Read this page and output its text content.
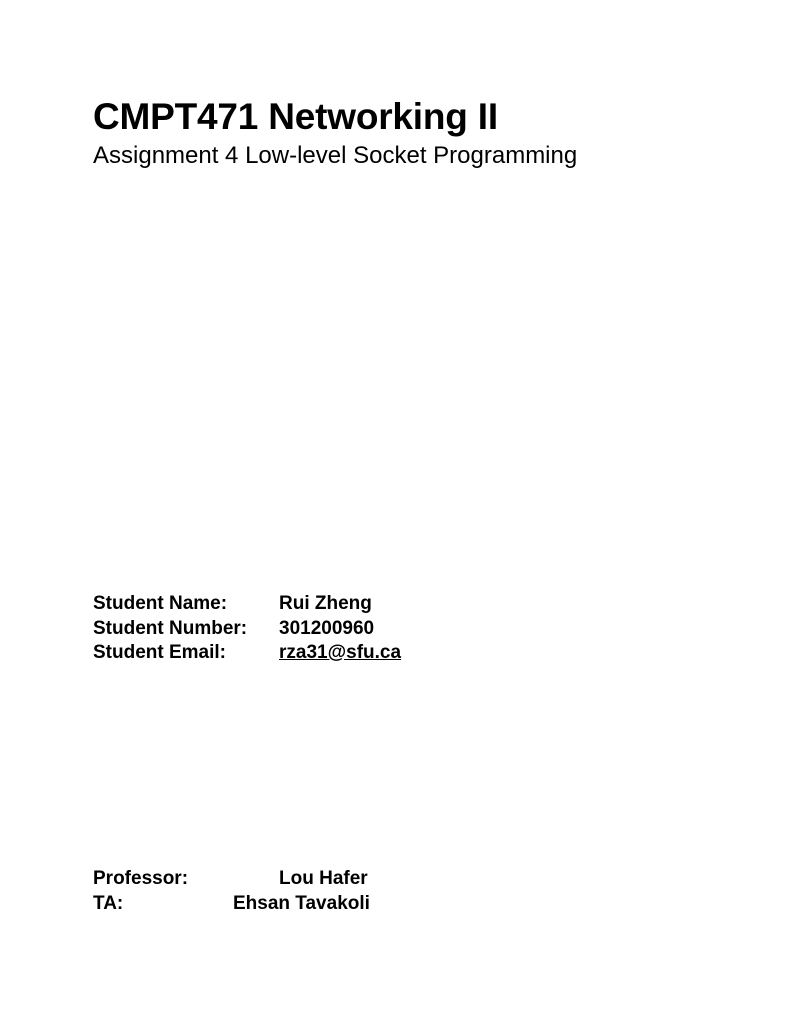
CMPT471 Networking II
Assignment 4 Low-level Socket Programming
Student Name:	Rui Zheng
Student Number: 301200960
Student Email:	rza31@sfu.ca
Professor:	Lou Hafer
TA:	Ehsan Tavakoli
